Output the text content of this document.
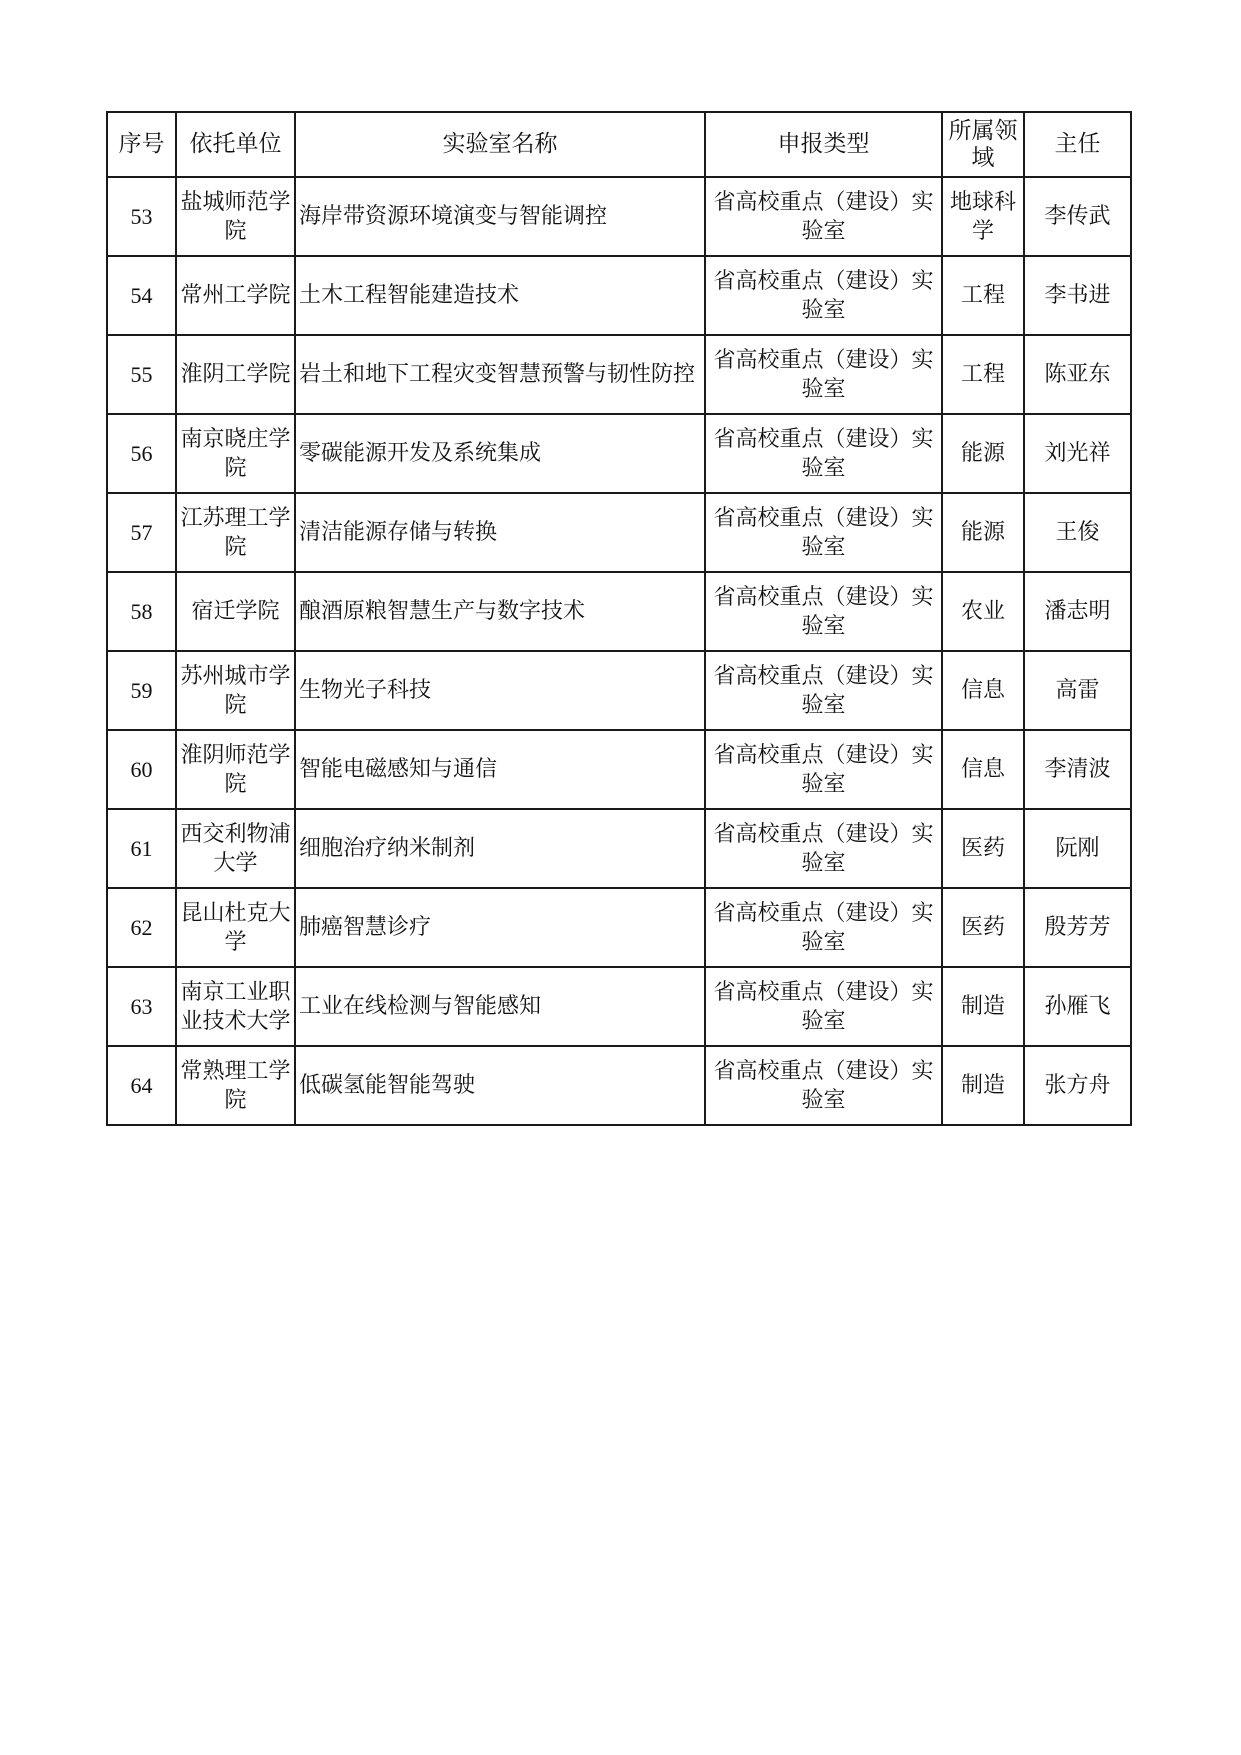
序号	依托单位	实验室名称	申报类型	所属领域	主任
53	盐城师范学院	海岸带资源环境演变与智能调控	省高校重点（建设）实验室	地球科学	李传武
54	常州工学院	土木工程智能建造技术	省高校重点（建设）实验室	工程	李书进
55	淮阴工学院	岩土和地下工程灾变智慧预警与韧性防控	省高校重点（建设）实验室	工程	陈亚东
56	南京晓庄学院	零碳能源开发及系统集成	省高校重点（建设）实验室	能源	刘光祥
57	江苏理工学院	清洁能源存储与转换	省高校重点（建设）实验室	能源	王俊
58	宿迁学院	酿酒原粮智慧生产与数字技术	省高校重点（建设）实验室	农业	潘志明
59	苏州城市学院	生物光子科技	省高校重点（建设）实验室	信息	高雷
60	淮阴师范学院	智能电磁感知与通信	省高校重点（建设）实验室	信息	李清波
61	西交利物浦大学	细胞治疗纳米制剂	省高校重点（建设）实验室	医药	阮刚
62	昆山杜克大学	肺癌智慧诊疗	省高校重点（建设）实验室	医药	殷芳芳
63	南京工业职业技术大学	工业在线检测与智能感知	省高校重点（建设）实验室	制造	孙雁飞
64	常熟理工学院	低碳氢能智能驾驶	省高校重点（建设）实验室	制造	张方舟
